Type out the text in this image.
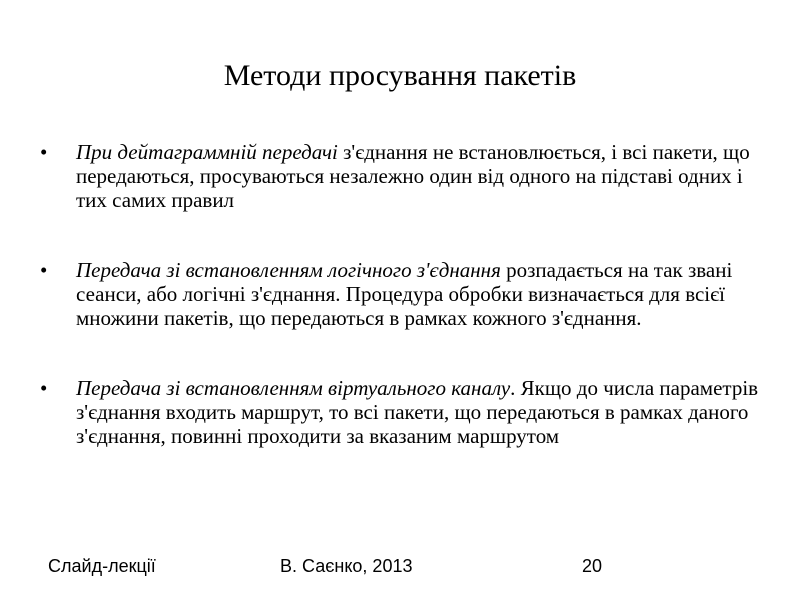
Методи просування пакетів
•	При дейтаграммній передачі з'єднання не встановлюється, і всі пакети, що передаються, просуваються незалежно один від одного на підставі одних і тих самих правил
•	Передача зі встановленням логічного з'єднання розпадається на так звані сеанси, або логічні з'єднання. Процедура обробки визначається для всієї множини пакетів, що передаються в рамках кожного з'єднання.
•	Передача зі встановленням віртуального каналу. Якщо до числа параметрів з'єднання входить маршрут, то всі пакети, що передаються в рамках даного з'єднання, повинні проходити за вказаним маршрутом
Слайд-лекції	В. Саєнко, 2013	20
